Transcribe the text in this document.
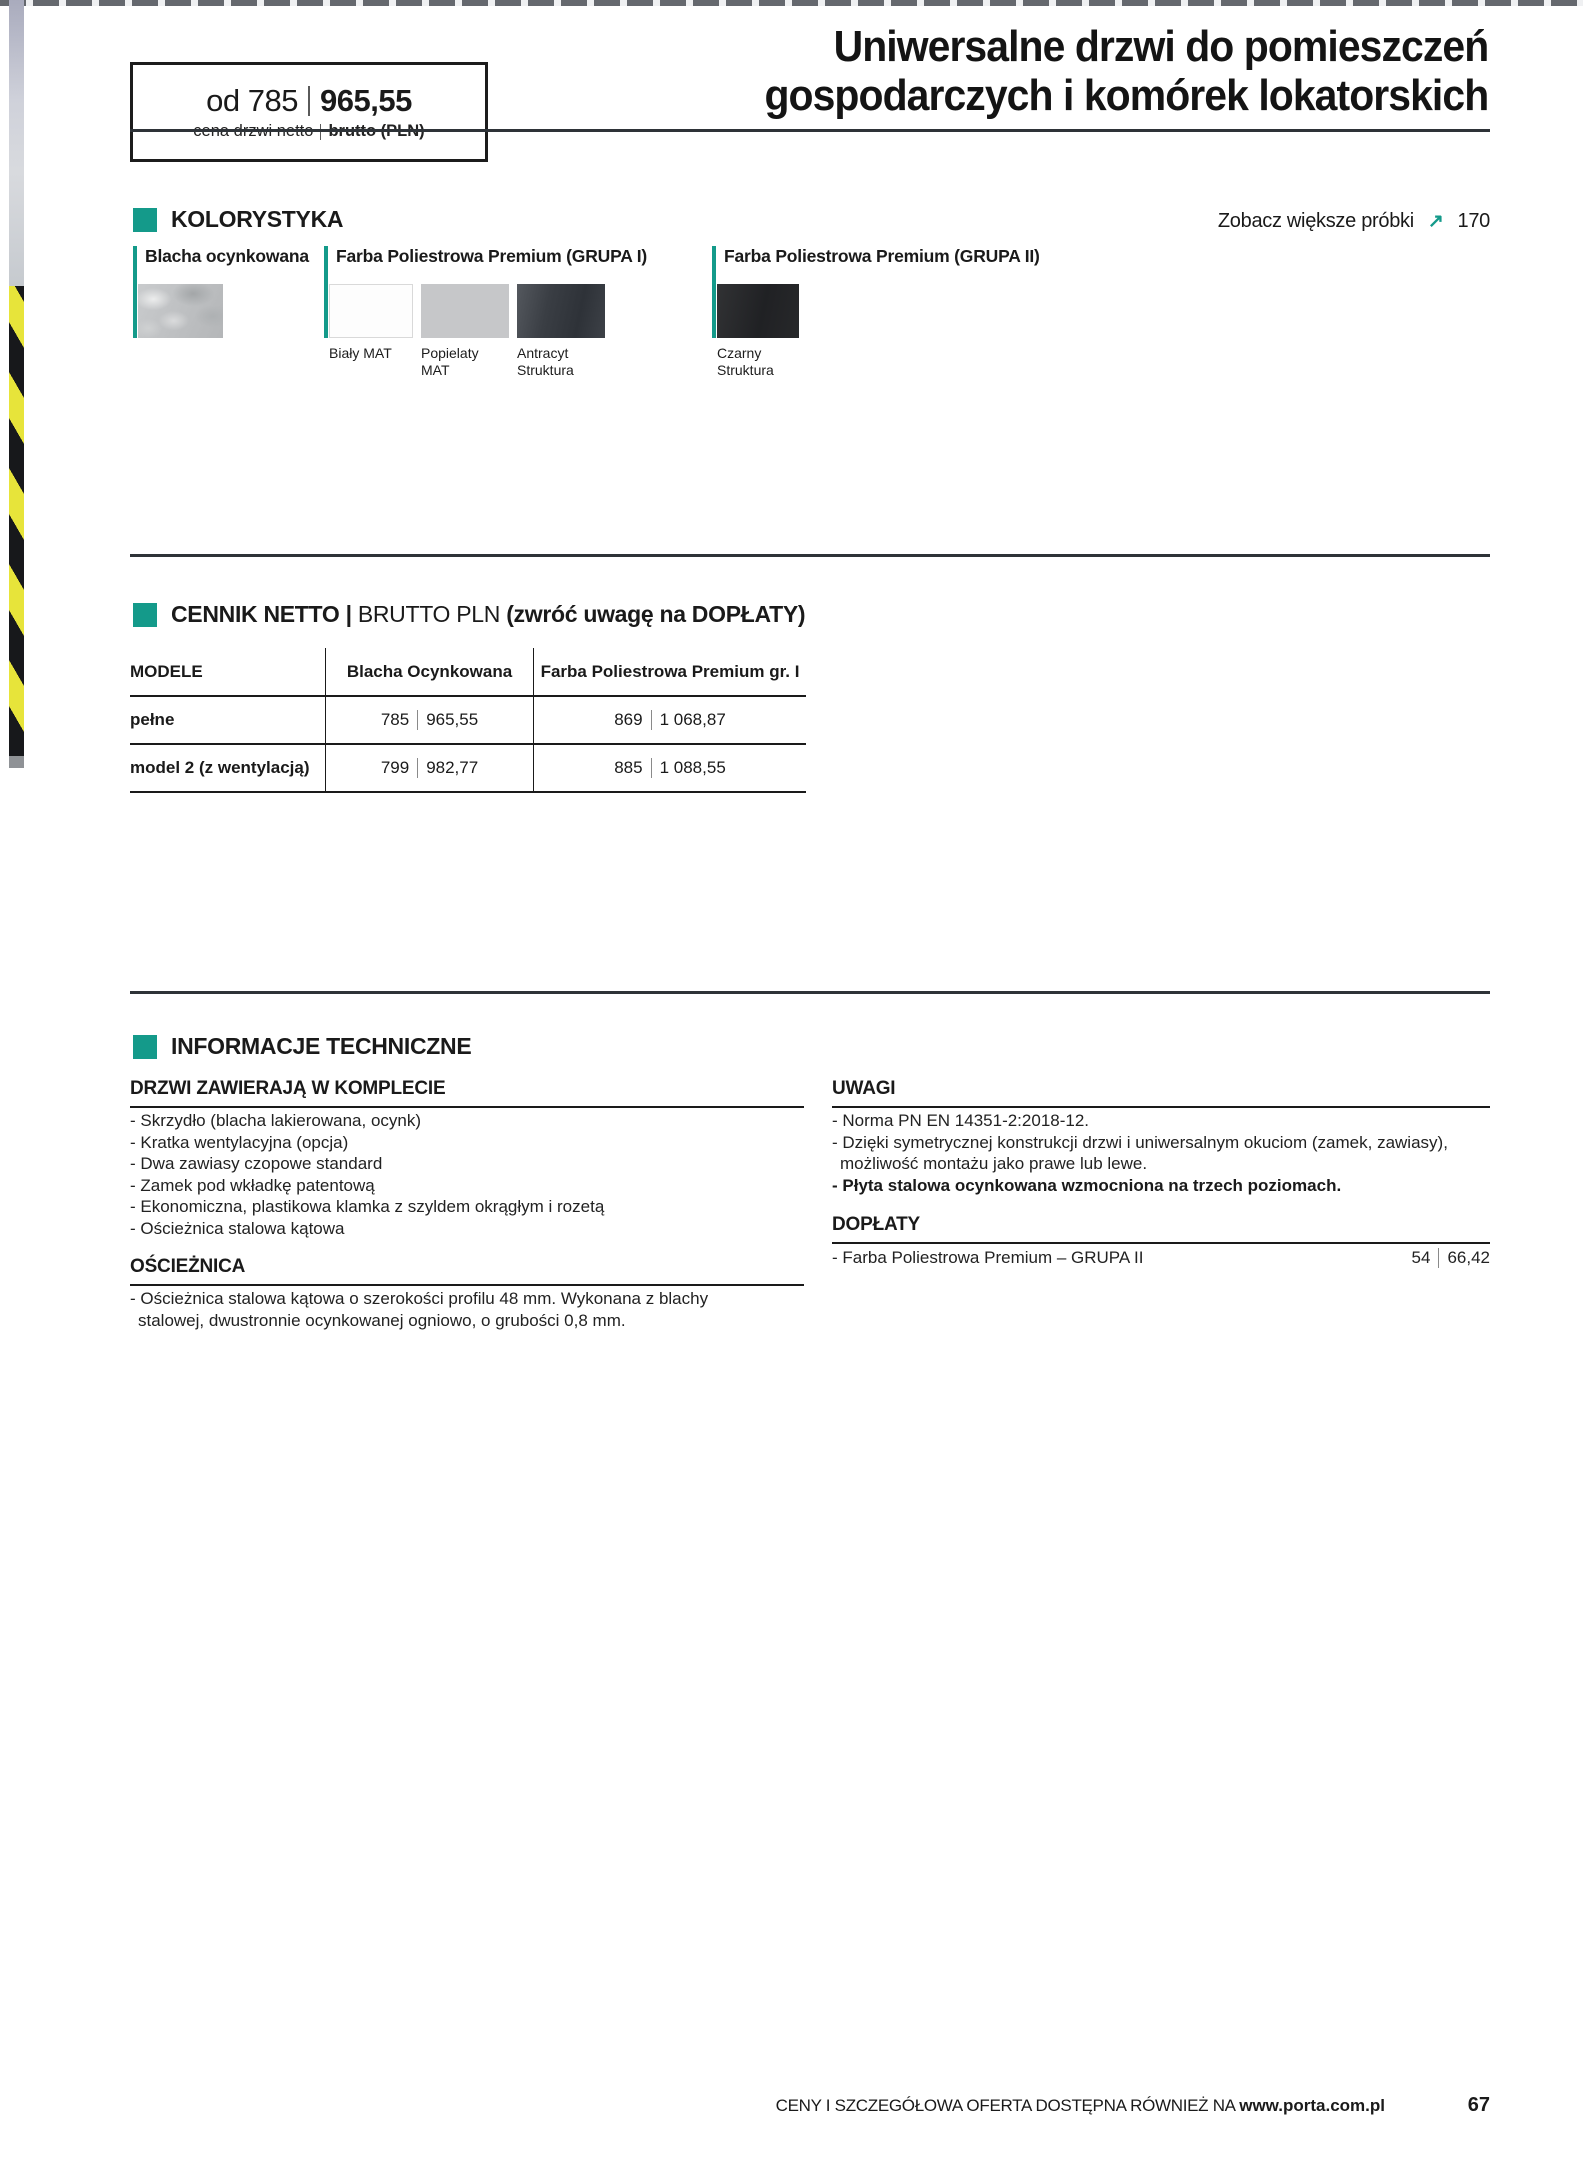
od
785 965,55
Uniwersalne drzwi do pomieszczeń
gospodarczych i komórek lokatorskich
KOLORYSTYKA	Zobacz większe próbki ↗ 170
Blacha ocynkowana Farba Poliestrowa Premium (GRUPA I)
Biały MAT	Popielaty MAT
Antracyt Struktura
Farba Poliestrowa Premium (GRUPA II)
Czarny Struktura
CENNIK NETTO | BRUTTO PLN (zwróć uwagę na DOPŁATY)
MODELE	Blacha Ocynkowana	Farba Poliestrowa Premium gr. I
pełne	785 965,55	869 1 068,87
model 2 (z wentylacją)	799 982,77	885 1 088,55
INFORMACJE TECHNICZNE
DRZWI ZAWIERAJĄ W KOMPLECIE
- Skrzydło (blacha lakierowana, ocynk)
- Kratka wentylacyjna (opcja)
- Dwa zawiasy czopowe standard
- Zamek pod wkładkę patentową
- Ekonomiczna, plastikowa klamka z szyldem okrągłym i rozetą
- Ościeżnica stalowa kątowa
OŚCIEŻNICA
- Ościeżnica stalowa kątowa o szerokości profilu 48 mm. Wykonana z blachy stalowej, dwustronnie ocynkowanej ogniowo, o grubości 0,8 mm.
UWAGI
- Norma PN EN 14351-2:2018-12.
- Dzięki symetrycznej konstrukcji drzwi i uniwersalnym okuciom (zamek, zawiasy), możliwość montażu jako prawe lub lewe.
- Płyta stalowa ocynkowana wzmocniona na trzech poziomach.
DOPŁATY
- Farba Poliestrowa Premium – GRUPA II	54 66,42
CENY I SZCZEGÓŁOWA OFERTA DOSTĘPNA RÓWNIEŻ NA www.porta.com.pl	67
